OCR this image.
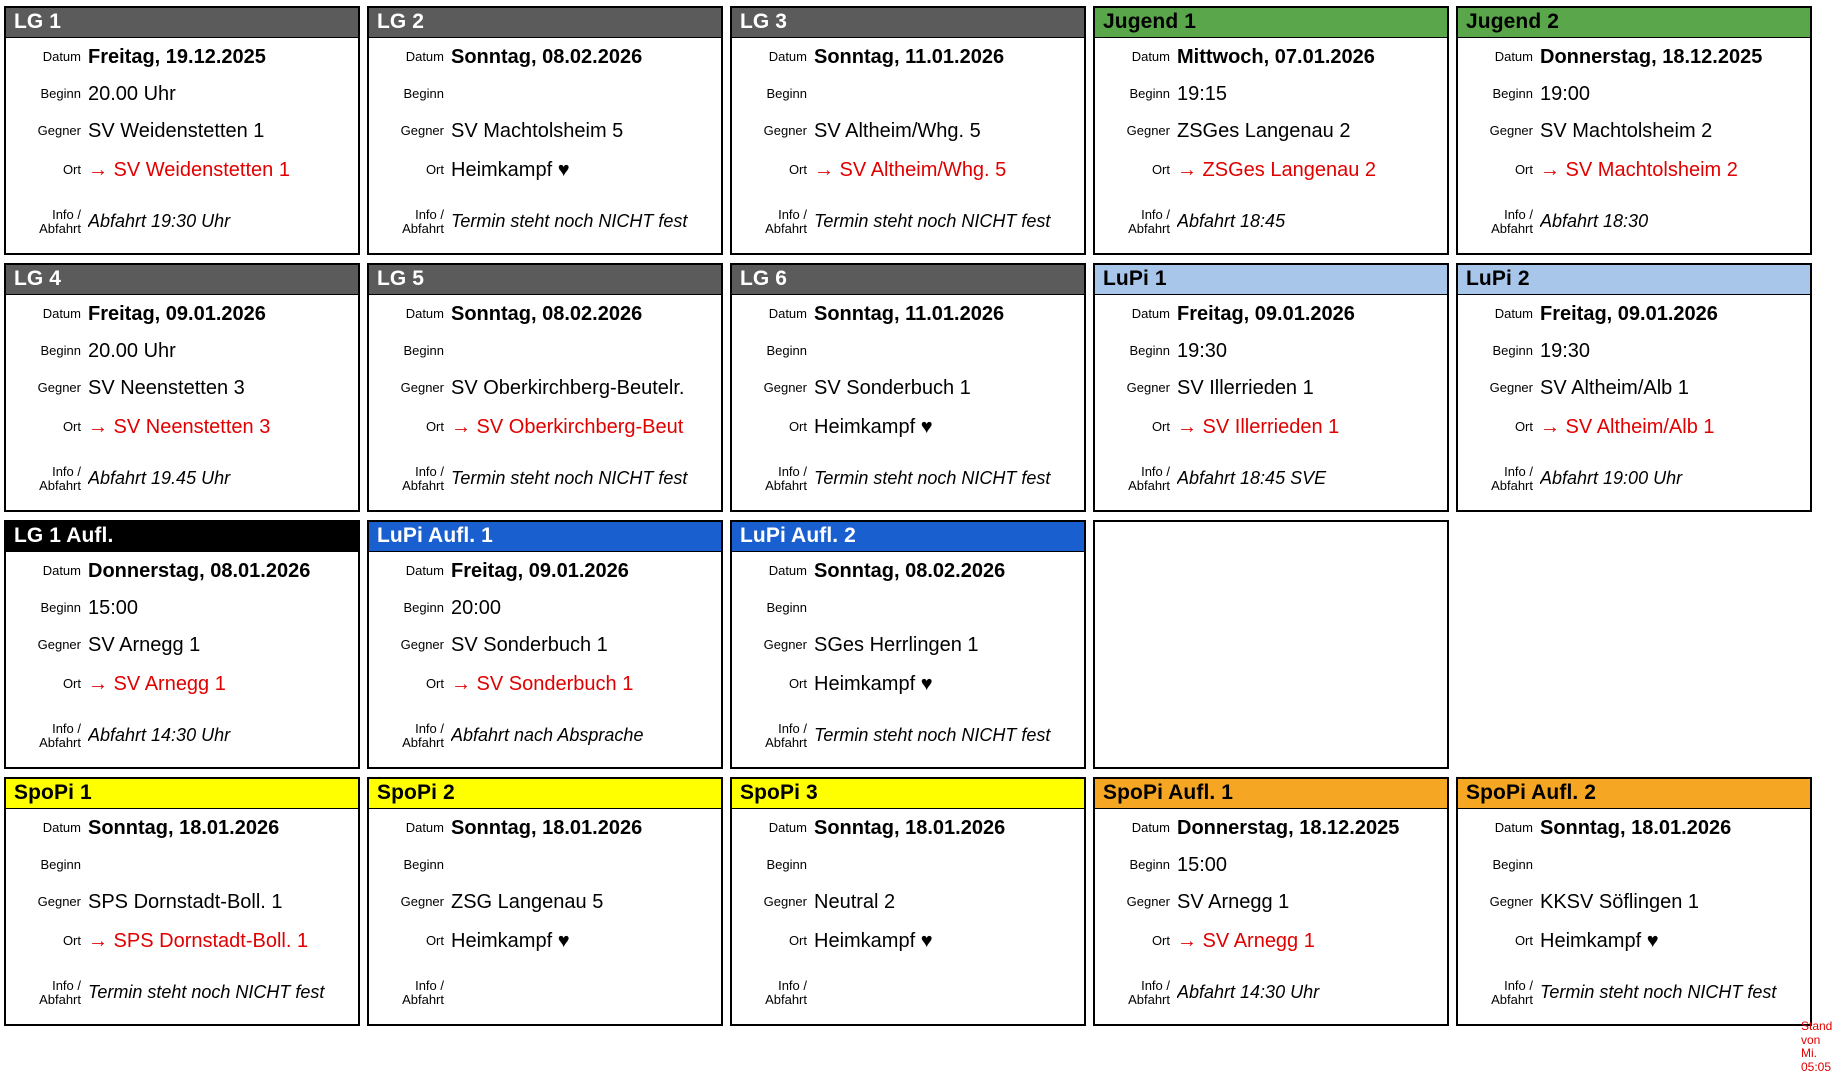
LG 1
Datum Freitag, 19.12.2025
Beginn 20.00 Uhr
Gegner SV Weidenstetten 1
Ort → SV Weidenstetten 1
Info /
Abfahrt Abfahrt 19:30 Uhr
LG 2
Datum Sonntag, 08.02.2026
Beginn
Gegner SV Machtolsheim 5
Ort Heimkampf ♥
Info /
Abfahrt Termin steht noch NICHT fest
LG 3
Datum Sonntag, 11.01.2026
Beginn
Gegner SV Altheim/Whg. 5
Ort → SV Altheim/Whg. 5
Info /
Abfahrt Termin steht noch NICHT fest
Jugend 1
Datum Mittwoch, 07.01.2026
Beginn 19:15
Gegner ZSGes Langenau 2
Ort → ZSGes Langenau 2
Info /
Abfahrt Abfahrt 18:45
Jugend 2
Datum Donnerstag, 18.12.2025
Beginn 19:00
Gegner SV Machtolsheim 2
Ort → SV Machtolsheim 2
Info /
Abfahrt Abfahrt 18:30
LG 4
Datum Freitag, 09.01.2026
Beginn 20.00 Uhr
Gegner SV Neenstetten 3
Ort → SV Neenstetten 3
Info /
Abfahrt Abfahrt 19.45 Uhr
LG 5
Datum Sonntag, 08.02.2026
Beginn
Gegner SV Oberkirchberg-Beutelr.
Ort → SV Oberkirchberg-Beut
Info /
Abfahrt Termin steht noch NICHT fest
LG 6
Datum Sonntag, 11.01.2026
Beginn
Gegner SV Sonderbuch 1
Ort Heimkampf ♥
Info /
Abfahrt Termin steht noch NICHT fest
LuPi 1
Datum Freitag, 09.01.2026
Beginn 19:30
Gegner SV Illerrieden 1
Ort → SV Illerrieden 1
Info /
Abfahrt Abfahrt 18:45 SVE
LuPi 2
Datum Freitag, 09.01.2026
Beginn 19:30
Gegner SV Altheim/Alb 1
Ort → SV Altheim/Alb 1
Info /
Abfahrt Abfahrt 19:00 Uhr
LG 1 Aufl.
Datum Donnerstag, 08.01.2026
Beginn 15:00
Gegner SV Arnegg 1
Ort → SV Arnegg 1
Info /
Abfahrt Abfahrt 14:30 Uhr
LuPi Aufl. 1
Datum Freitag, 09.01.2026
Beginn 20:00
Gegner SV Sonderbuch 1
Ort → SV Sonderbuch 1
Info /
Abfahrt Abfahrt nach Absprache
LuPi Aufl. 2
Datum Sonntag, 08.02.2026
Beginn
Gegner SGes Herrlingen 1
Ort Heimkampf ♥
Info /
Abfahrt Termin steht noch NICHT fest
SpoPi 1
Datum Sonntag, 18.01.2026
Beginn
Gegner SPS Dornstadt-Boll. 1
Ort → SPS Dornstadt-Boll. 1
Info /
Abfahrt Termin steht noch NICHT fest
SpoPi 2
Datum Sonntag, 18.01.2026
Beginn
Gegner ZSG Langenau 5
Ort Heimkampf ♥
Info /
Abfahrt
SpoPi 3
Datum Sonntag, 18.01.2026
Beginn
Gegner Neutral 2
Ort Heimkampf ♥
Info /
Abfahrt
SpoPi Aufl. 1
Datum Donnerstag, 18.12.2025
Beginn 15:00
Gegner SV Arnegg 1
Ort → SV Arnegg 1
Info /
Abfahrt Abfahrt 14:30 Uhr
SpoPi Aufl. 2
Datum Sonntag, 18.01.2026
Beginn
Gegner KKSV Söflingen 1
Ort Heimkampf ♥
Info /
Abfahrt Termin steht noch NICHT fest
Stand
von
Mi.
05:05
